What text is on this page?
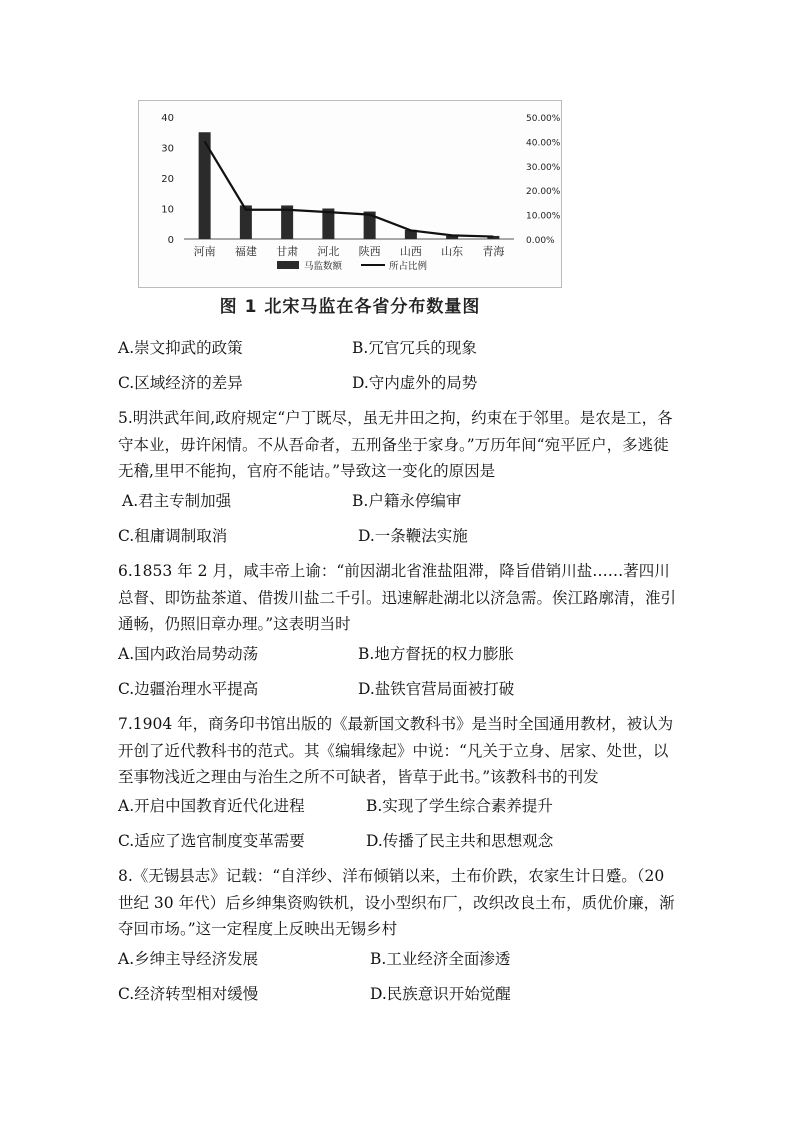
0
10
20
30
40
0.00%
10.00%
20.00%
30.00%
40.00%
50.00%
河南 福建 甘肃 河北 陕西 山西 山东 青海
马监数额	所占比例
图 1 北宋马监在各省分布数量图
A.崇文抑武的政策	B.冗官冗兵的现象
C.区域经济的差异	D.守内虚外的局势
5.明洪武年间,政府规定“户丁既尽，虽无井田之拘，约束在于邻里。是农是工，各守本业，毋许闲情。不从吾命者，五刑备坐于家身。”万历年间“宛平匠户，多逃徙无稽,里甲不能拘，官府不能诘。”导致这一变化的原因是
A.君主专制加强	B.户籍永停编审
C.租庸调制取消	D.一条鞭法实施
6.1853 年 2 月，咸丰帝上谕：“前因湖北省淮盐阻滞，降旨借销川盐……著四川总督、即饬盐茶道、借拨川盐二千引。迅速解赴湖北以济急需。俟江路廓清，淮引通畅，仍照旧章办理。”这表明当时
A.国内政治局势动荡	B.地方督抚的权力膨胀
C.边疆治理水平提高	D.盐铁官营局面被打破
7.1904 年，商务印书馆出版的《最新国文教科书》是当时全国通用教材，被认为开创了近代教科书的范式。其《编辑缘起》中说：“凡关于立身、居家、处世，以至事物浅近之理由与治生之所不可缺者，皆草于此书。”该教科书的刊发
A.开启中国教育近代化进程	B.实现了学生综合素养提升
C.适应了选官制度变革需要	D.传播了民主共和思想观念
8.《无锡县志》记载：“自洋纱、洋布倾销以来，土布价跌，农家生计日蹙。（20 世纪 30 年代）后乡绅集资购铁机，设小型织布厂，改织改良土布，质优价廉，渐夺回市场。”这一定程度上反映出无锡乡村
A.乡绅主导经济发展	B.工业经济全面渗透
C.经济转型相对缓慢	D.民族意识开始觉醒
